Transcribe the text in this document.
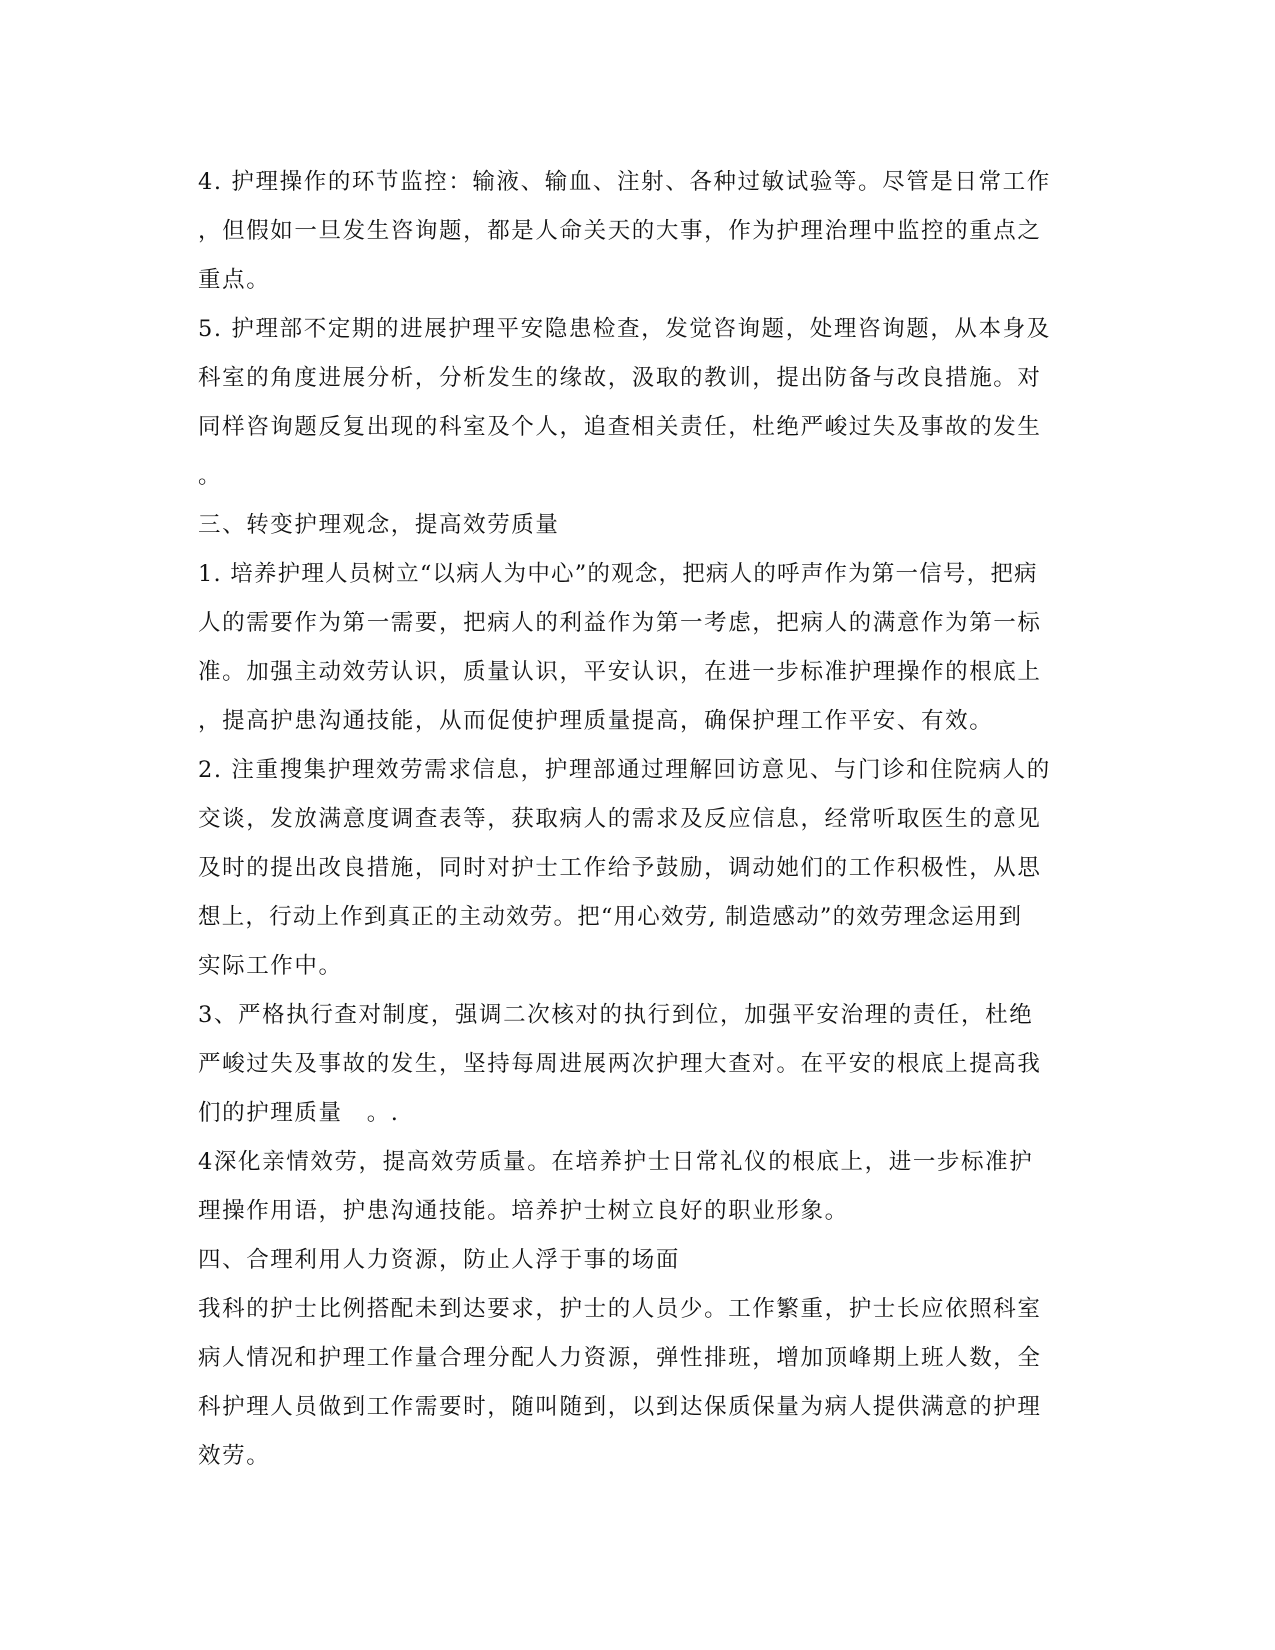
4. 护理操作的环节监控：输液、输血、注射、各种过敏试验等。尽管是日常工作
，但假如一旦发生咨询题，都是人命关天的大事，作为护理治理中监控的重点之
重点。
5. 护理部不定期的进展护理平安隐患检查，发觉咨询题，处理咨询题，从本身及
科室的角度进展分析，分析发生的缘故，汲取的教训，提出防备与改良措施。对
同样咨询题反复出现的科室及个人，追查相关责任，杜绝严峻过失及事故的发生
。
三、转变护理观念，提高效劳质量
1. 培养护理人员树立“以病人为中心”的观念，把病人的呼声作为第一信号，把病
人的需要作为第一需要，把病人的利益作为第一考虑，把病人的满意作为第一标
准。加强主动效劳认识，质量认识，平安认识，在进一步标准护理操作的根底上
，提高护患沟通技能，从而促使护理质量提高，确保护理工作平安、有效。
2. 注重搜集护理效劳需求信息，护理部通过理解回访意见、与门诊和住院病人的
交谈，发放满意度调查表等，获取病人的需求及反应信息，经常听取医生的意见
及时的提出改良措施，同时对护士工作给予鼓励，调动她们的工作积极性，从思
想上，行动上作到真正的主动效劳。把“用心效劳, 制造感动”的效劳理念运用到
实际工作中。
3、严格执行查对制度，强调二次核对的执行到位，加强平安治理的责任，杜绝
严峻过失及事故的发生，坚持每周进展两次护理大查对。在平安的根底上提高我
们的护理质量　。.
4深化亲情效劳，提高效劳质量。在培养护士日常礼仪的根底上，进一步标准护
理操作用语，护患沟通技能。培养护士树立良好的职业形象。
四、合理利用人力资源，防止人浮于事的场面
我科的护士比例搭配未到达要求，护士的人员少。工作繁重，护士长应依照科室
病人情况和护理工作量合理分配人力资源，弹性排班，增加顶峰期上班人数，全
科护理人员做到工作需要时，随叫随到，以到达保质保量为病人提供满意的护理
效劳。
